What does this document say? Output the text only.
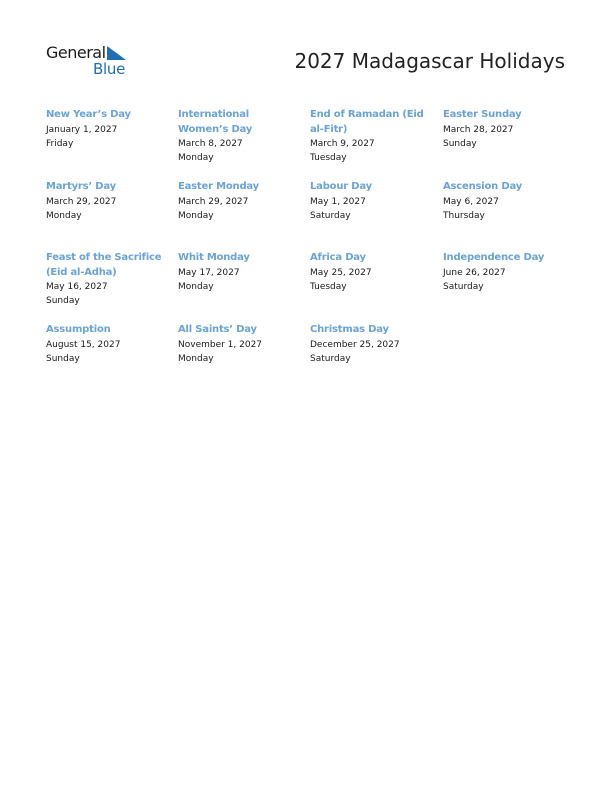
General
Blue	2027 Madagascar Holidays
New Year’s Day
January 1, 2027
Friday
International Women’s Day
March 8, 2027
Monday
End of Ramadan (Eid al-Fitr)
March 9, 2027
Tuesday
Easter Sunday
March 28, 2027
Sunday
Martyrs’ Day
March 29, 2027
Monday
Easter Monday
March 29, 2027
Monday
Labour Day
May 1, 2027
Saturday
Ascension Day
May 6, 2027
Thursday
Feast of the Sacrifice (Eid al-Adha)
May 16, 2027
Sunday
Whit Monday
May 17, 2027
Monday
Africa Day
May 25, 2027
Tuesday
Independence Day
June 26, 2027
Saturday
Assumption
August 15, 2027
Sunday
All Saints’ Day
November 1, 2027
Monday
Christmas Day
December 25, 2027
Saturday
